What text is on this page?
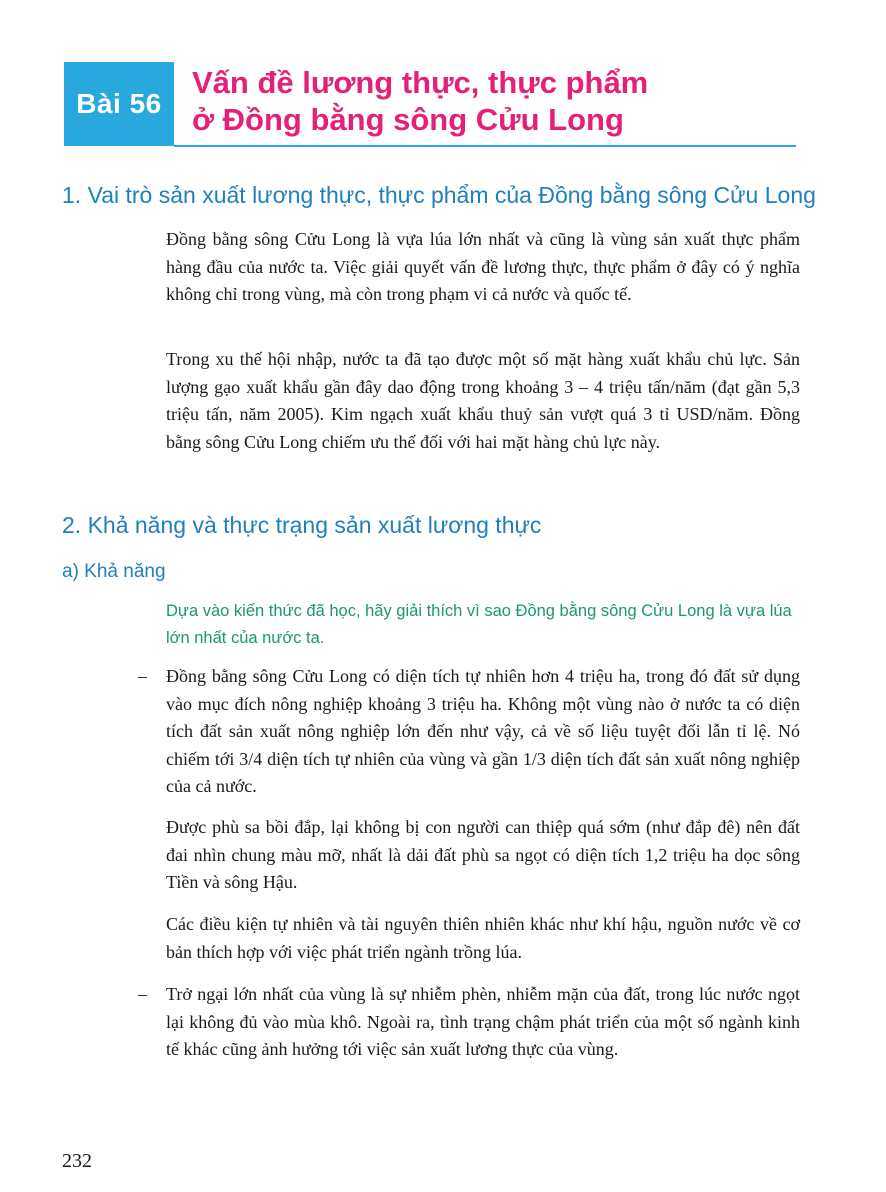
Bài 56
Vấn đề lương thực, thực phẩm
ở Đồng bằng sông Cửu Long
1. Vai trò sản xuất lương thực, thực phẩm của Đồng bằng sông Cửu Long

Đồng bằng sông Cửu Long là vựa lúa lớn nhất và cũng là vùng sản xuất thực phẩm hàng đầu của nước ta. Việc giải quyết vấn đề lương thực, thực phẩm ở đây có ý nghĩa không chỉ trong vùng, mà còn trong phạm vi cả nước và quốc tế.

Trong xu thế hội nhập, nước ta đã tạo được một số mặt hàng xuất khẩu chủ lực. Sản lượng gạo xuất khẩu gần đây dao động trong khoảng 3 – 4 triệu tấn/năm (đạt gần 5,3 triệu tấn, năm 2005). Kim ngạch xuất khẩu thuỷ sản vượt quá 3 tỉ USD/năm. Đồng bằng sông Cửu Long chiếm ưu thế đối với hai mặt hàng chủ lực này.

2. Khả năng và thực trạng sản xuất lương thực
a) Khả năng

Dựa vào kiến thức đã học, hãy giải thích vì sao Đồng bằng sông Cửu Long là vựa lúa lớn nhất của nước ta.

– Đồng bằng sông Cửu Long có diện tích tự nhiên hơn 4 triệu ha, trong đó đất sử dụng vào mục đích nông nghiệp khoảng 3 triệu ha. Không một vùng nào ở nước ta có diện tích đất sản xuất nông nghiệp lớn đến như vậy, cả về số liệu tuyệt đối lẫn tỉ lệ. Nó chiếm tới 3/4 diện tích tự nhiên của vùng và gần 1/3 diện tích đất sản xuất nông nghiệp của cả nước.

Được phù sa bồi đắp, lại không bị con người can thiệp quá sớm (như đắp đê) nên đất đai nhìn chung màu mỡ, nhất là dải đất phù sa ngọt có diện tích 1,2 triệu ha dọc sông Tiền và sông Hậu.

Các điều kiện tự nhiên và tài nguyên thiên nhiên khác như khí hậu, nguồn nước về cơ bản thích hợp với việc phát triển ngành trồng lúa.

– Trở ngại lớn nhất của vùng là sự nhiễm phèn, nhiễm mặn của đất, trong lúc nước ngọt lại không đủ vào mùa khô. Ngoài ra, tình trạng chậm phát triển của một số ngành kinh tế khác cũng ảnh hưởng tới việc sản xuất lương thực của vùng.

232
